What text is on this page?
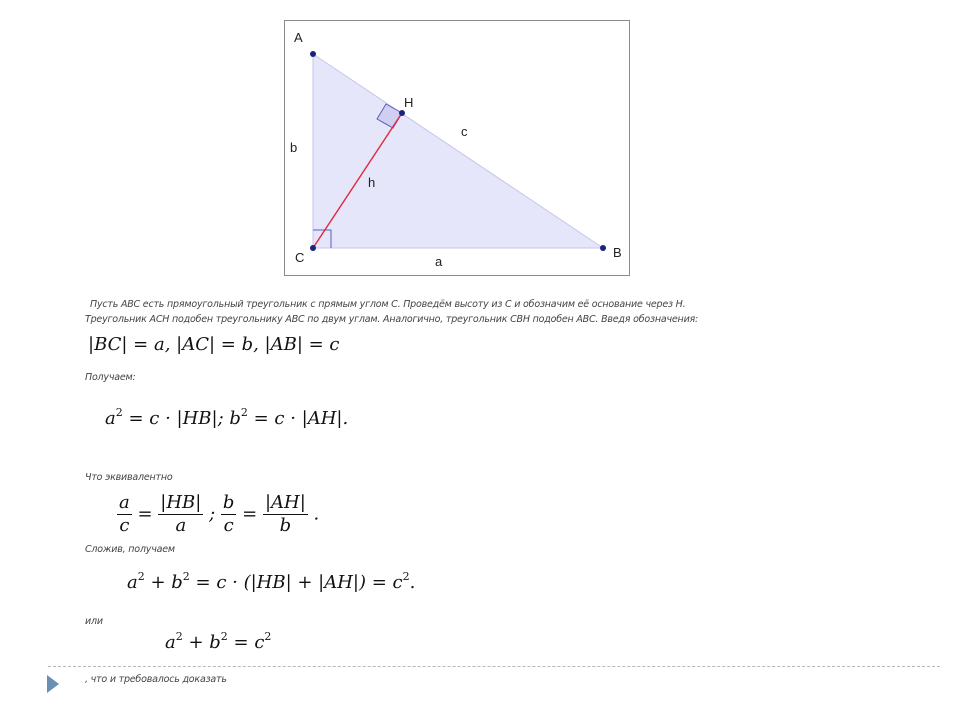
A
B
C
H
a
b
c
h
Пусть ABC есть прямоугольный треугольник с прямым углом C. Проведём высоту из C и обозначим её основание через H.
Треугольник ACH подобен треугольнику ABC по двум углам. Аналогично, треугольник CBH подобен ABC. Введя обозначения:
|BC| = a, |AC| = b, |AB| = c
Получаем:
$a^2 = c \cdot |HB|$; $b^2 = c \cdot |AH|$.
Что эквивалентно
$\frac{a}{c} = \frac{|HB|}{a}$ ; $\frac{b}{c} = \frac{|AH|}{b}$ .
Сложив, получаем
$a^2 + b^2 = c \cdot (|HB| + |AH|) = c^2$.
или
$a^2 + b^2 = c^2$
, что и требовалось доказать
